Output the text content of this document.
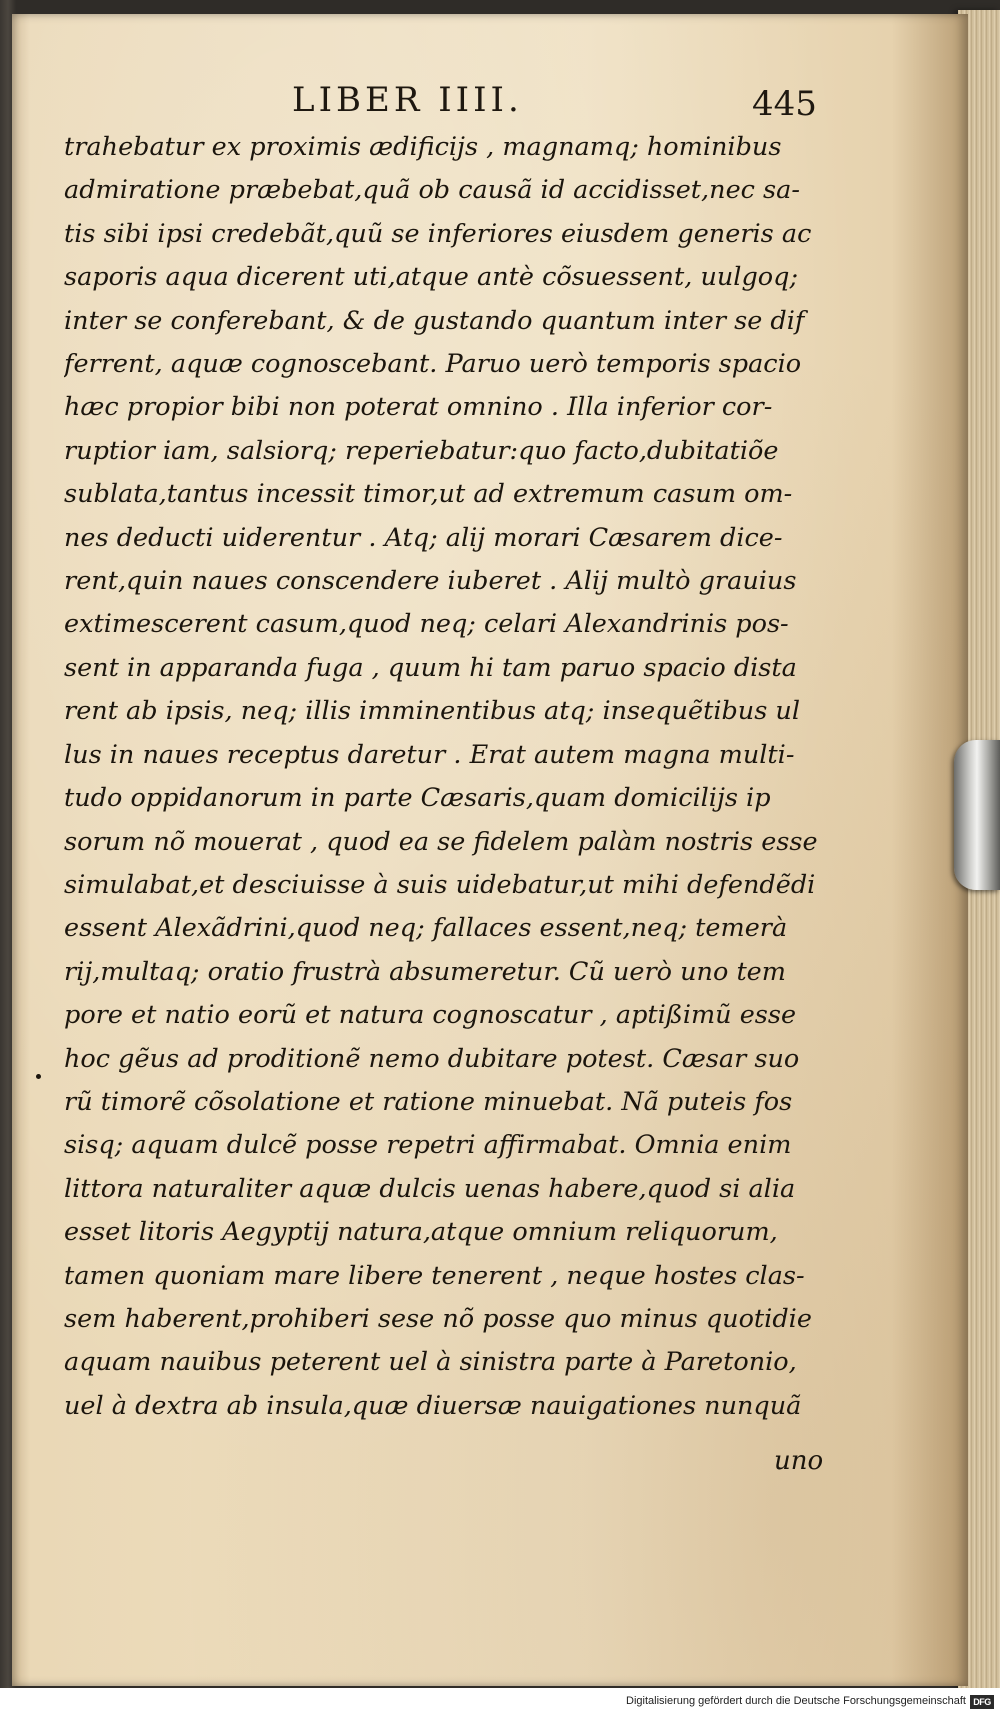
LIBER IIII.	445
trahebatur ex proximis ædificijs , magnamq; hominibus
admiratione præbebat,quã ob causã id accidisset,nec sa-
tis sibi ipsi credebãt,quũ se inferiores eiusdem generis ac
saporis aqua dicerent uti,atque antè cõsuessent, uulgoq;
inter se conferebant, & de gustando quantum inter se dif
ferrent, aquæ cognoscebant. Paruo uerò temporis spacio
hæc propior bibi non poterat omnino . Illa inferior cor-
ruptior iam, salsiorq; reperiebatur:quo facto,dubitatiõe
sublata,tantus incessit timor,ut ad extremum casum om-
nes deducti uiderentur . Atq; alij morari Cæsarem dice-
rent,quin naues conscendere iuberet . Alij multò grauius
extimescerent casum,quod neq; celari Alexandrinis pos-
sent in apparanda fuga , quum hi tam paruo spacio dista
rent ab ipsis, neq; illis imminentibus atq; insequẽtibus ul
lus in naues receptus daretur . Erat autem magna multi-
tudo oppidanorum in parte Cæsaris,quam domicilijs ip
sorum nõ mouerat , quod ea se fidelem palàm nostris esse
simulabat,et desciuisse à suis uidebatur,ut mihi defendẽdi
essent Alexãdrini,quod neq; fallaces essent,neq; temerà
rij,multaq; oratio frustrà absumeretur. Cũ uerò uno tem
pore et natio eorũ et natura cognoscatur , aptißimũ esse
hoc gẽus ad proditionẽ nemo dubitare potest. Cæsar suo
rũ timorẽ cõsolatione et ratione minuebat. Nã puteis fos
sisq; aquam dulcẽ posse repetri affirmabat. Omnia enim
littora naturaliter aquæ dulcis uenas habere,quod si alia
esset litoris Aegyptij natura,atque omnium reliquorum,
tamen quoniam mare libere tenerent , neque hostes clas-
sem haberent,prohiberi sese nõ posse quo minus quotidie
aquam nauibus peterent uel à sinistra parte à Paretonio,
uel à dextra ab insula,quæ diuersæ nauigationes nunquã
uno
Digitalisierung gefördert durch die Deutsche Forschungsgemeinschaft DFG
